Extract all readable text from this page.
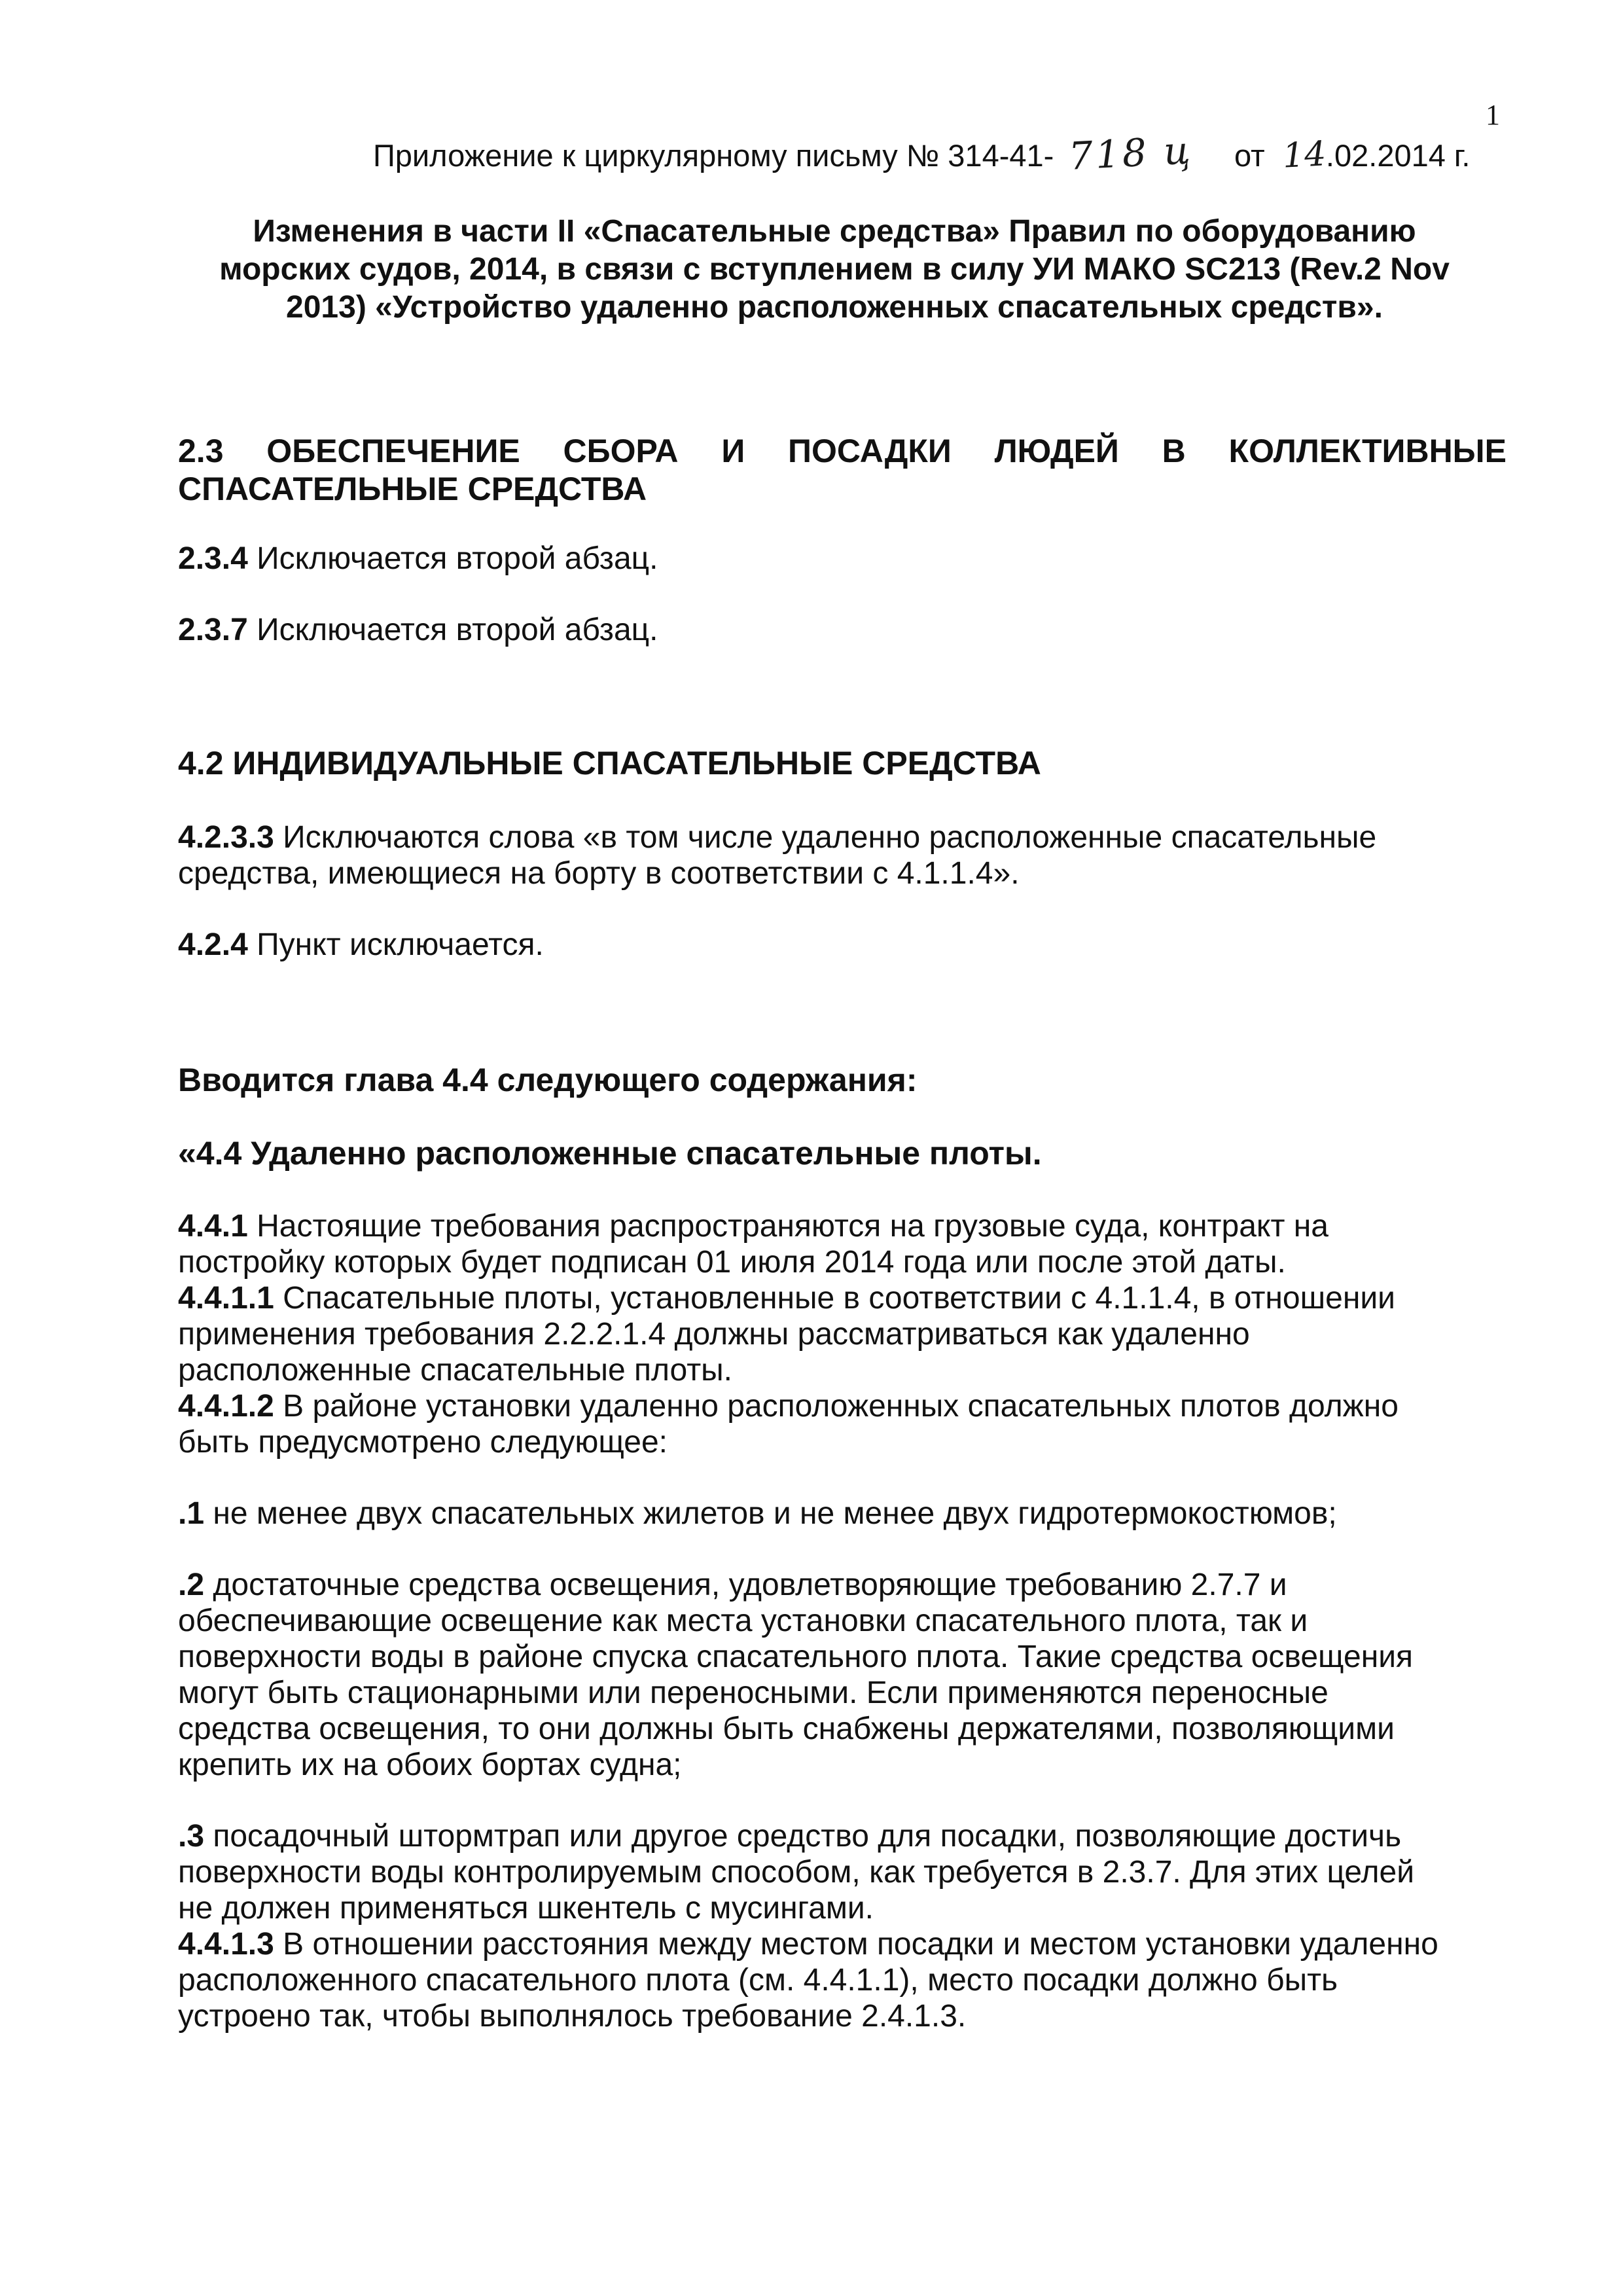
1
Приложение к циркулярному письму № 314-41- 718 ц от 14.02.2014 г.

Изменения в части II «Спасательные средства» Правил по оборудованию

морских судов, 2014, в связи с вступлением в силу УИ МАКО SC213 (Rev.2 Nov

2013) «Устройство удаленно расположенных спасательных средств».

2.3 ОБЕСПЕЧЕНИЕ СБОРА И ПОСАДКИ ЛЮДЕЙ В КОЛЛЕКТИВНЫЕ

СПАСАТЕЛЬНЫЕ СРЕДСТВА

2.3.4 Исключается второй абзац.

2.3.7 Исключается второй абзац.

4.2 ИНДИВИДУАЛЬНЫЕ СПАСАТЕЛЬНЫЕ СРЕДСТВА

4.2.3.3 Исключаются слова «в том числе удаленно расположенные спасательные
средства, имеющиеся на борту в соответствии с 4.1.1.4».

4.2.4 Пункт исключается.

Вводится глава 4.4 следующего содержания:

«4.4 Удаленно расположенные спасательные плоты.

4.4.1 Настоящие требования распространяются на грузовые суда, контракт на
постройку которых будет подписан 01 июля 2014 года или после этой даты.

4.4.1.1 Спасательные плоты, установленные в соответствии с 4.1.1.4, в отношении
применения требования 2.2.2.1.4 должны рассматриваться как удаленно
расположенные спасательные плоты.

4.4.1.2 В районе установки удаленно расположенных спасательных плотов должно
быть предусмотрено следующее:

.1 не менее двух спасательных жилетов и не менее двух гидротермокостюмов;

.2 достаточные средства освещения, удовлетворяющие требованию 2.7.7 и
обеспечивающие освещение как места установки спасательного плота, так и
поверхности воды в районе спуска спасательного плота. Такие средства освещения
могут быть стационарными или переносными. Если применяются переносные
средства освещения, то они должны быть снабжены держателями, позволяющими
крепить их на обоих бортах судна;

.3 посадочный штормтрап или другое средство для посадки, позволяющие достичь
поверхности воды контролируемым способом, как требуется в 2.3.7. Для этих целей
не должен применяться шкентель с мусингами.

4.4.1.3 В отношении расстояния между местом посадки и местом установки удаленно
расположенного спасательного плота (см. 4.4.1.1), место посадки должно быть
устроено так, чтобы выполнялось требование 2.4.1.3.
